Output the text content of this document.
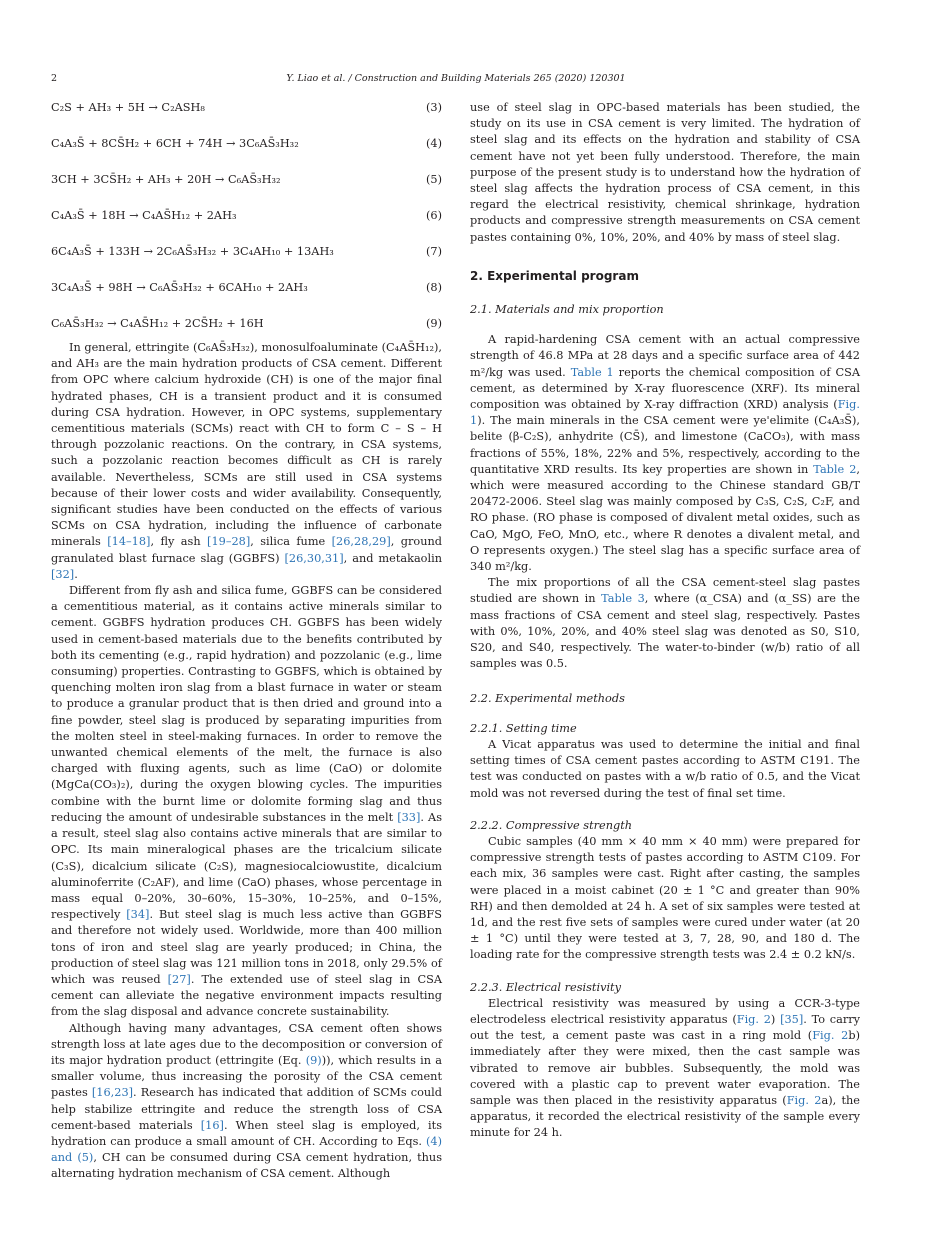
2	Y. Liao et al. / Construction and Building Materials 265 (2020) 120301
C₂S + AH₃ + 5H → C₂ASH₈	(3)
C₄A₃S̄ + 8CS̄H₂ + 6CH + 74H → 3C₆AS̄₃H₃₂	(4)
3CH + 3CS̄H₂ + AH₃ + 20H → C₆AS̄₃H₃₂	(5)
C₄A₃S̄ + 18H → C₄AS̄H₁₂ + 2AH₃	(6)
6C₄A₃S̄ + 133H → 2C₆AS̄₃H₃₂ + 3C₄AH₁₀ + 13AH₃	(7)
3C₄A₃S̄ + 98H → C₆AS̄₃H₃₂ + 6CAH₁₀ + 2AH₃	(8)
C₆AS̄₃H₃₂ → C₄AS̄H₁₂ + 2CS̄H₂ + 16H	(9)

In general, ettringite (C₆AS̄₃H₃₂), monosulfoaluminate (C₄AS̄H₁₂), and AH₃ are the main hydration products of CSA cement. Different from OPC where calcium hydroxide (CH) is one of the major final hydrated phases, CH is a transient product and it is consumed during CSA hydration. However, in OPC systems, supplementary cementitious materials (SCMs) react with CH to form C – S – H through pozzolanic reactions. On the contrary, in CSA systems, such a pozzolanic reaction becomes difficult as CH is rarely available. Nevertheless, SCMs are still used in CSA systems because of their lower costs and wider availability. Consequently, significant studies have been conducted on the effects of various SCMs on CSA hydration, including the influence of carbonate minerals [14–18], fly ash [19–28], silica fume [26,28,29], ground granulated blast furnace slag (GGBFS) [26,30,31], and metakaolin [32].

Different from fly ash and silica fume, GGBFS can be considered a cementitious material, as it contains active minerals similar to cement. GGBFS hydration produces CH. GGBFS has been widely used in cement-based materials due to the benefits contributed by both its cementing (e.g., rapid hydration) and pozzolanic (e.g., lime consuming) properties. Contrasting to GGBFS, which is obtained by quenching molten iron slag from a blast furnace in water or steam to produce a granular product that is then dried and ground into a fine powder, steel slag is produced by separating impurities from the molten steel in steel-making furnaces. In order to remove the unwanted chemical elements of the melt, the furnace is also charged with fluxing agents, such as lime (CaO) or dolomite (MgCa(CO₃)₂), during the oxygen blowing cycles. The impurities combine with the burnt lime or dolomite forming slag and thus reducing the amount of undesirable substances in the melt [33]. As a result, steel slag also contains active minerals that are similar to OPC. Its main mineralogical phases are the tricalcium silicate (C₃S), dicalcium silicate (C₂S), magnesiocalciowustite, dicalcium aluminoferrite (C₂AF), and lime (CaO) phases, whose percentage in mass equal 0–20%, 30–60%, 15–30%, 10–25%, and 0–15%, respectively [34]. But steel slag is much less active than GGBFS and therefore not widely used. Worldwide, more than 400 million tons of iron and steel slag are yearly produced; in China, the production of steel slag was 121 million tons in 2018, only 29.5% of which was reused [27]. The extended use of steel slag in CSA cement can alleviate the negative environment impacts resulting from the slag disposal and advance concrete sustainability.

Although having many advantages, CSA cement often shows strength loss at late ages due to the decomposition or conversion of its major hydration product (ettringite (Eq. (9))), which results in a smaller volume, thus increasing the porosity of the CSA cement pastes [16,23]. Research has indicated that addition of SCMs could help stabilize ettringite and reduce the strength loss of CSA cement-based materials [16]. When steel slag is employed, its hydration can produce a small amount of CH. According to Eqs. (4) and (5), CH can be consumed during CSA cement hydration, thus alternating hydration mechanism of CSA cement. Although

use of steel slag in OPC-based materials has been studied, the study on its use in CSA cement is very limited. The hydration of steel slag and its effects on the hydration and stability of CSA cement have not yet been fully understood. Therefore, the main purpose of the present study is to understand how the hydration of steel slag affects the hydration process of CSA cement, in this regard the electrical resistivity, chemical shrinkage, hydration products and compressive strength measurements on CSA cement pastes containing 0%, 10%, 20%, and 40% by mass of steel slag.

2. Experimental program
2.1. Materials and mix proportion

A rapid-hardening CSA cement with an actual compressive strength of 46.8 MPa at 28 days and a specific surface area of 442 m²/kg was used. Table 1 reports the chemical composition of CSA cement, as determined by X-ray fluorescence (XRF). Its mineral composition was obtained by X-ray diffraction (XRD) analysis (Fig. 1). The main minerals in the CSA cement were ye'elimite (C₄A₃S̄), belite (β-C₂S), anhydrite (CS̄), and limestone (CaCO₃), with mass fractions of 55%, 18%, 22% and 5%, respectively, according to the quantitative XRD results. Its key properties are shown in Table 2, which were measured according to the Chinese standard GB/T 20472-2006. Steel slag was mainly composed by C₃S, C₂S, C₂F, and RO phase. (RO phase is composed of divalent metal oxides, such as CaO, MgO, FeO, MnO, etc., where R denotes a divalent metal, and O represents oxygen.) The steel slag has a specific surface area of 340 m²/kg.

The mix proportions of all the CSA cement-steel slag pastes studied are shown in Table 3, where (α_CSA) and (α_SS) are the mass fractions of CSA cement and steel slag, respectively. Pastes with 0%, 10%, 20%, and 40% steel slag was denoted as S0, S10, S20, and S40, respectively. The water-to-binder (w/b) ratio of all samples was 0.5.

2.2. Experimental methods
2.2.1. Setting time

A Vicat apparatus was used to determine the initial and final setting times of CSA cement pastes according to ASTM C191. The test was conducted on pastes with a w/b ratio of 0.5, and the Vicat mold was not reversed during the test of final set time.

2.2.2. Compressive strength

Cubic samples (40 mm × 40 mm × 40 mm) were prepared for compressive strength tests of pastes according to ASTM C109. For each mix, 36 samples were cast. Right after casting, the samples were placed in a moist cabinet (20 ± 1 °C and greater than 90% RH) and then demolded at 24 h. A set of six samples were tested at 1d, and the rest five sets of samples were cured under water (at 20 ± 1 °C) until they were tested at 3, 7, 28, 90, and 180 d. The loading rate for the compressive strength tests was 2.4 ± 0.2 kN/s.

2.2.3. Electrical resistivity

Electrical resistivity was measured by using a CCR-3-type electrodeless electrical resistivity apparatus (Fig. 2) [35]. To carry out the test, a cement paste was cast in a ring mold (Fig. 2b) immediately after they were mixed, then the cast sample was vibrated to remove air bubbles. Subsequently, the mold was covered with a plastic cap to prevent water evaporation. The sample was then placed in the resistivity apparatus (Fig. 2a), the apparatus, it recorded the electrical resistivity of the sample every minute for 24 h.
